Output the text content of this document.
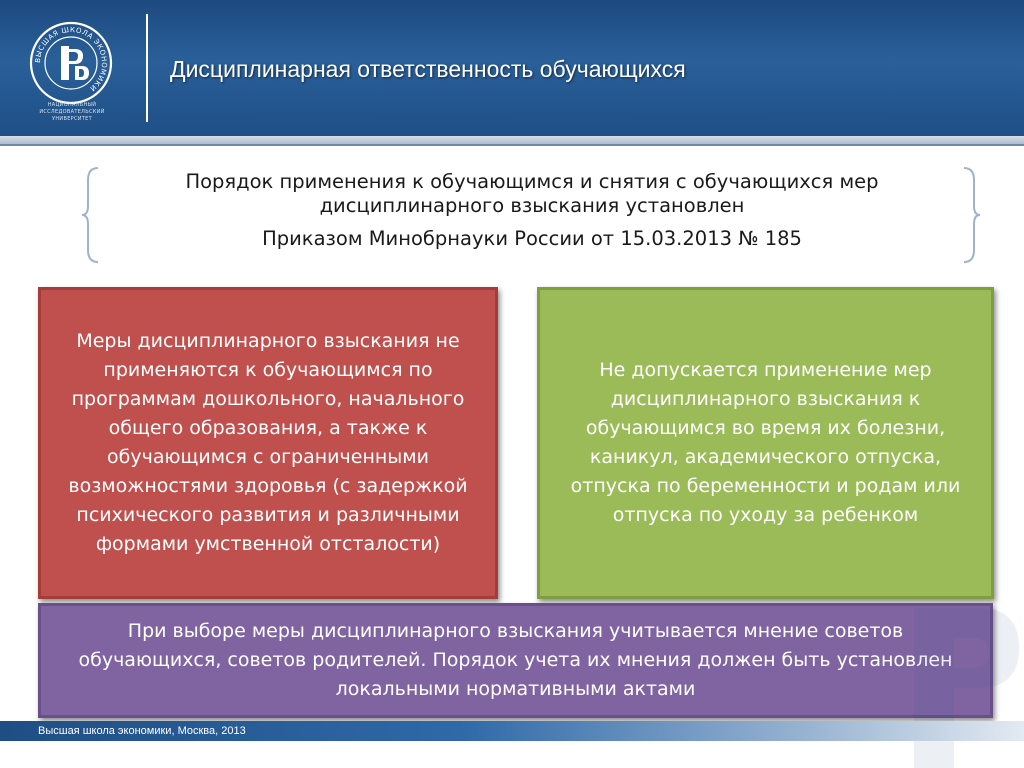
ВЫСШАЯ ШКОЛА ЭКОНОМИКИ
НАЦИОНАЛЬНЫЙ ИССЛЕДОВАТЕЛЬСКИЙ
УНИВЕРСИТЕТ
Дисциплинарная ответственность обучающихся
Порядок применения к обучающимся и снятия с обучающихся мер
дисциплинарного взыскания установлен
Приказом Минобрнауки России от 15.03.2013 № 185

Меры дисциплинарного взыскания не применяются к обучающимся по программам дошкольного, начального общего образования, а также к обучающимся с ограниченными возможностями здоровья (с задержкой психического развития и различными формами умственной отсталости)

Не допускается применение мер дисциплинарного взыскания к обучающимся во время их болезни, каникул, академического отпуска, отпуска по беременности и родам или отпуска по уходу за ребенком

При выборе меры дисциплинарного взыскания учитывается мнение советов обучающихся, советов родителей. Порядок учета их мнения должен быть установлен локальными нормативными актами

Высшая школа экономики, Москва, 2013
